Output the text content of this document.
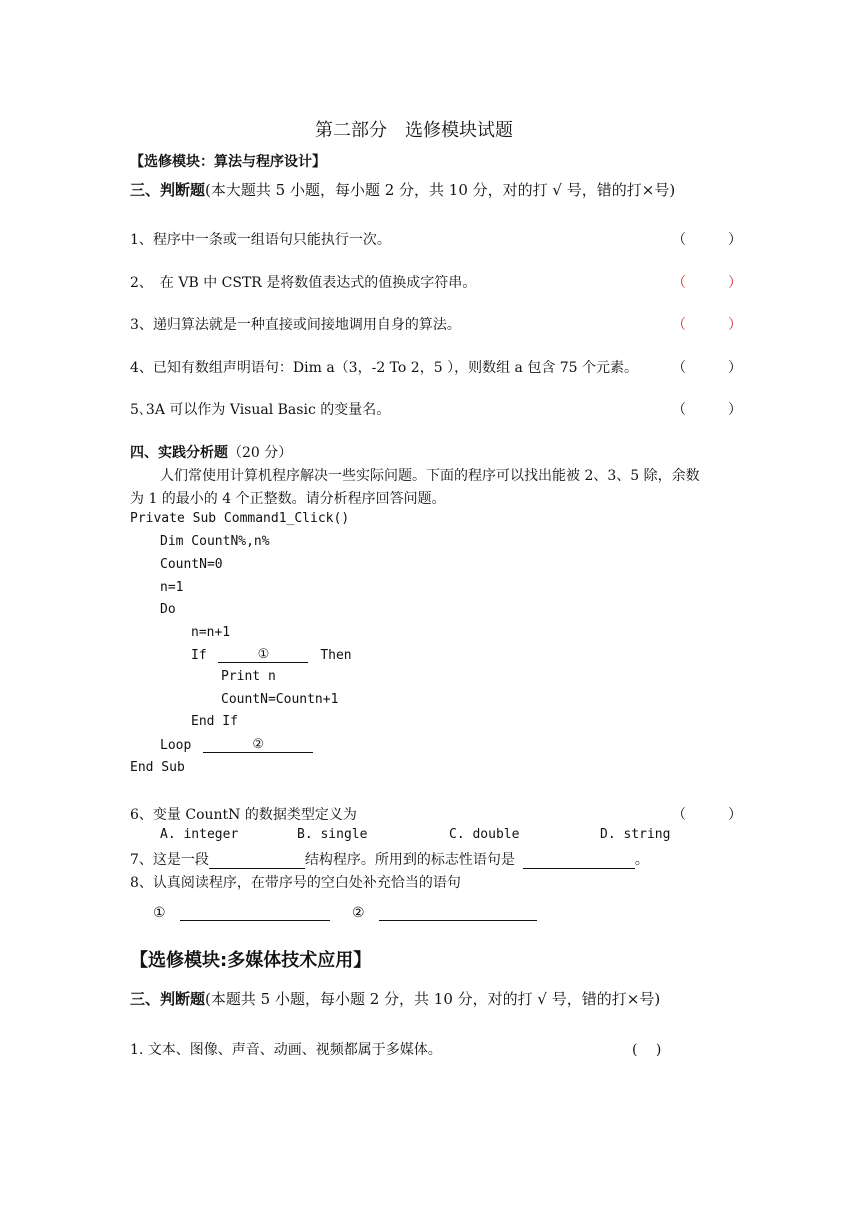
第二部分　选修模块试题
【选修模块：算法与程序设计】
三、判断题(本大题共 5 小题，每小题 2 分，共 10 分，对的打 √ 号，错的打×号)
1、程序中一条或一组语句只能执行一次。	（　　　）
2、　在 VB 中 CSTR 是将数值表达式的值换成字符串。	（　　　）
3、递归算法就是一种直接或间接地调用自身的算法。	（　　　）
4、已知有数组声明语句：Dim a（3，-2 To 2，5 ），则数组 a 包含 75 个元素。 （　　　）
5､3A 可以作为 Visual Basic 的变量名。	（　　　）
四、实践分析题（20 分）
人们常使用计算机程序解决一些实际问题。下面的程序可以找出能被 2、3、5 除，余数
为 1 的最小的 4 个正整数。请分析程序回答问题。
Private Sub Command1_Click()
Dim CountN%,n%
CountN=0
n=1
Do
n=n+1
If	①	Then
Print n
CountN=Countn+1
End If
Loop	②
End Sub
6、变量 CountN 的数据类型定义为	（　　　）
A. integer	B. single	C. double	D. string
7、这是一段	结构程序。所用到的标志性语句是	。
8、认真阅读程序，在带序号的空白处补充恰当的语句
①	②
【选修模块:多媒体技术应用】
三、判断题(本题共 5 小题，每小题 2 分，共 10 分，对的打 √ 号，错的打×号)
1. 文本、图像、声音、动画、视频都属于多媒体。	(　 )
